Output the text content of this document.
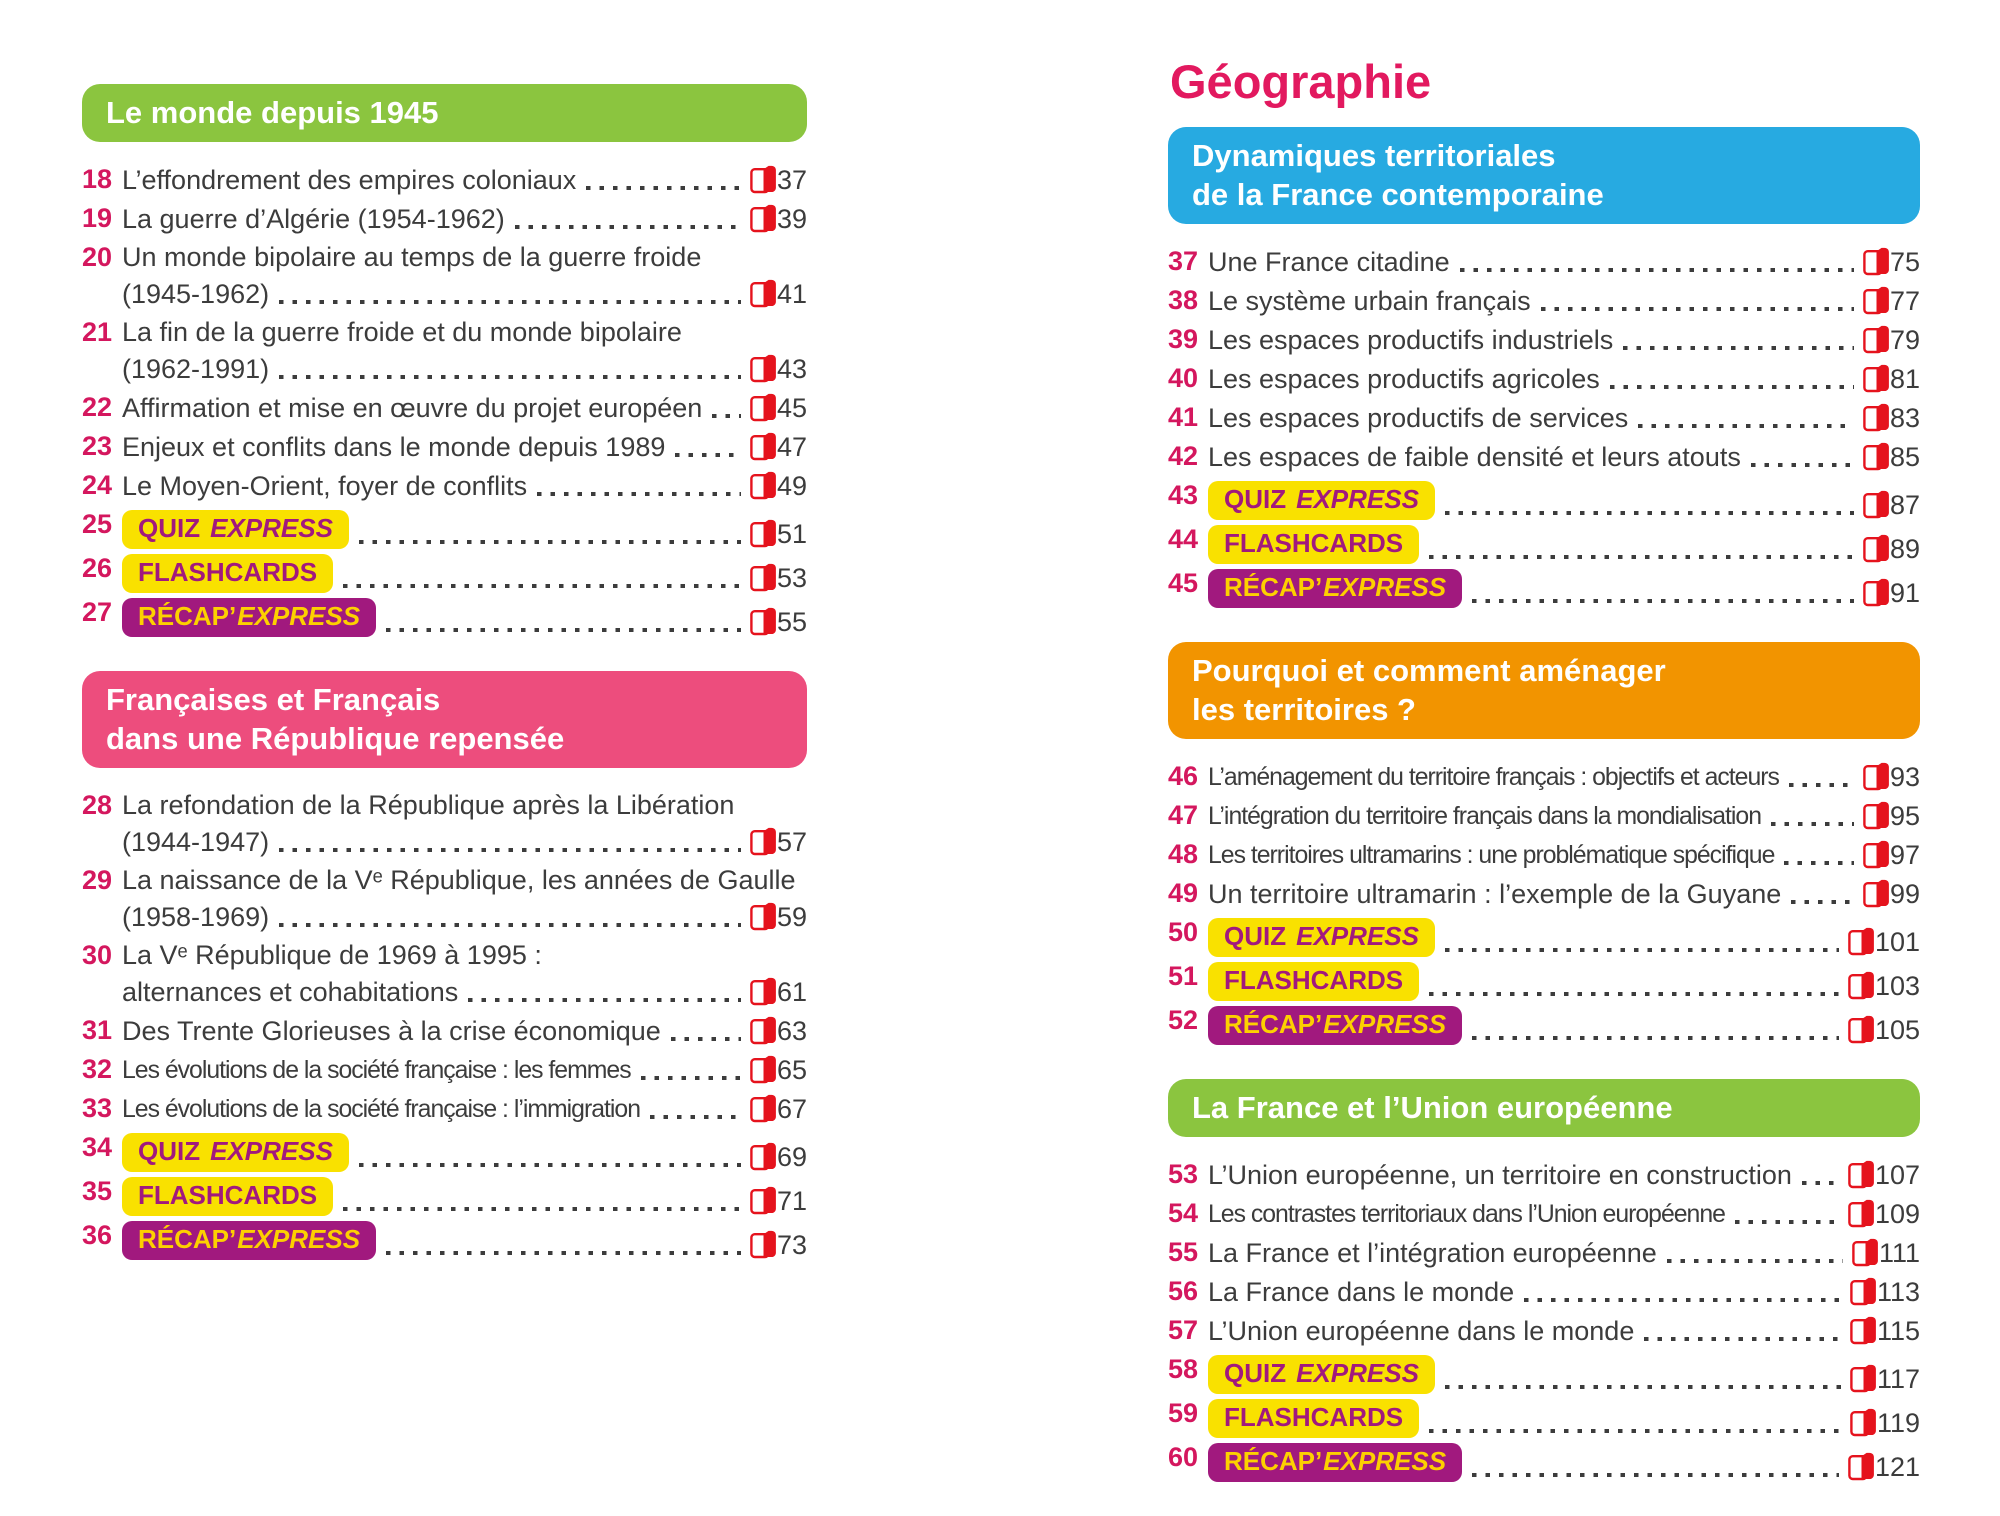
Le monde depuis 1945
18 L’effondrement des empires coloniaux	37
19 La guerre d’Algérie (1954-1962)	39
20 Un monde bipolaire au temps de la guerre froide
(1945-1962)	41
21 La fin de la guerre froide et du monde bipolaire
(1962-1991)	43
22 Affirmation et mise en œuvre du projet européen	45
23 Enjeux et conflits dans le monde depuis 1989	47
24 Le Moyen-Orient, foyer de conflits	49
25 QUIZ EXPRESS	51
26 FLASHCARDS	53
27 RÉCAP’ EXPRESS	55
Françaises et Français
dans une République repensée
28 La refondation de la République après la Libération
(1944-1947)	57
29 La naissance de la Vᵉ République, les années de Gaulle
(1958-1969)	59
30 La Vᵉ République de 1969 à 1995 :
alternances et cohabitations	61
31 Des Trente Glorieuses à la crise économique	63
32 Les évolutions de la société française : les femmes	65
33 Les évolutions de la société française : l’immigration	67
34 QUIZ EXPRESS	69
35 FLASHCARDS	71
36 RÉCAP’ EXPRESS	73
Géographie
Dynamiques territoriales
de la France contemporaine
37 Une France citadine	75
38 Le système urbain français	77
39 Les espaces productifs industriels	79
40 Les espaces productifs agricoles	81
41 Les espaces productifs de services	83
42 Les espaces de faible densité et leurs atouts	85
43 QUIZ EXPRESS	87
44 FLASHCARDS	89
45 RÉCAP’ EXPRESS	91
Pourquoi et comment aménager
les territoires ?
46 L’aménagement du territoire français : objectifs et acteurs	93
47 L’intégration du territoire français dans la mondialisation	95
48 Les territoires ultramarins : une problématique spécifique	97
49 Un territoire ultramarin : l’exemple de la Guyane	99
50 QUIZ EXPRESS	101
51 FLASHCARDS	103
52 RÉCAP’ EXPRESS	105
La France et l’Union européenne
53 L’Union européenne, un territoire en construction	107
54 Les contrastes territoriaux dans l’Union européenne	109
55 La France et l’intégration européenne	111
56 La France dans le monde	113
57 L’Union européenne dans le monde	115
58 QUIZ EXPRESS	117
59 FLASHCARDS	119
60 RÉCAP’ EXPRESS	121
